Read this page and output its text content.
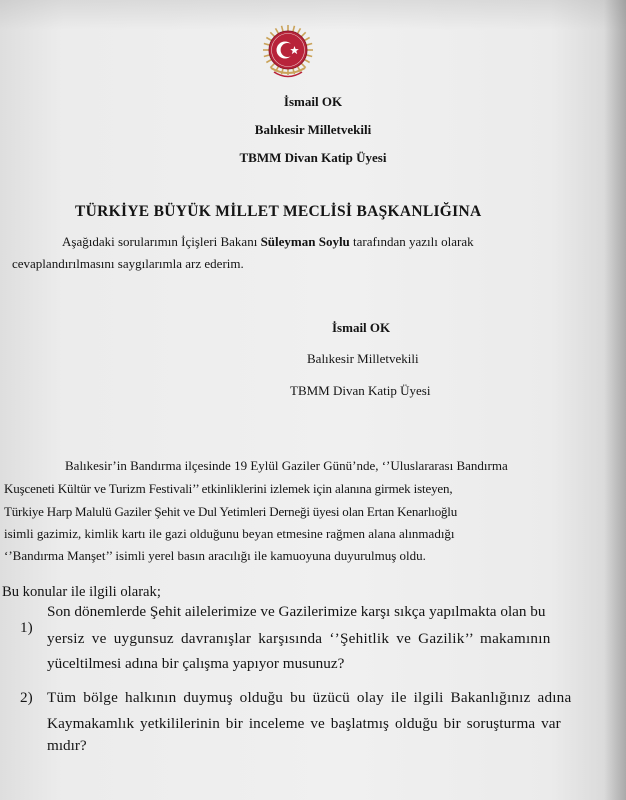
İsmail OK
Balıkesir Milletvekili
TBMM Divan Katip Üyesi
TÜRKİYE BÜYÜK MİLLET MECLİSİ BAŞKANLIĞINA
Aşağıdaki sorularımın İçişleri Bakanı Süleyman Soylu tarafından yazılı olarak
cevaplandırılmasını saygılarımla arz ederim.
İsmail OK
Balıkesir Milletvekili
TBMM Divan Katip Üyesi
Balıkesir’in Bandırma ilçesinde 19 Eylül Gaziler Günü’nde, ‘’Uluslararası Bandırma
Kuşceneti Kültür ve Turizm Festivali’’ etkinliklerini izlemek için alanına girmek isteyen,
Türkiye Harp Malulü Gaziler Şehit ve Dul Yetimleri Derneği üyesi olan Ertan Kenarlıoğlu
isimli gazimiz, kimlik kartı ile gazi olduğunu beyan etmesine rağmen alana alınmadığı
‘’Bandırma Manşet’’ isimli yerel basın aracılığı ile kamuoyuna duyurulmuş oldu.
Bu konular ile ilgili olarak;
1)
Son dönemlerde Şehit ailelerimize ve Gazilerimize karşı sıkça yapılmakta olan bu
yersiz ve uygunsuz davranışlar karşısında ‘’Şehitlik ve Gazilik’’ makamının
yüceltilmesi adına bir çalışma yapıyor musunuz?
2) Tüm bölge halkının duymuş olduğu bu üzücü olay ile ilgili Bakanlığınız adına
Kaymakamlık yetkililerinin bir inceleme ve başlatmış olduğu bir soruşturma var
mıdır?
